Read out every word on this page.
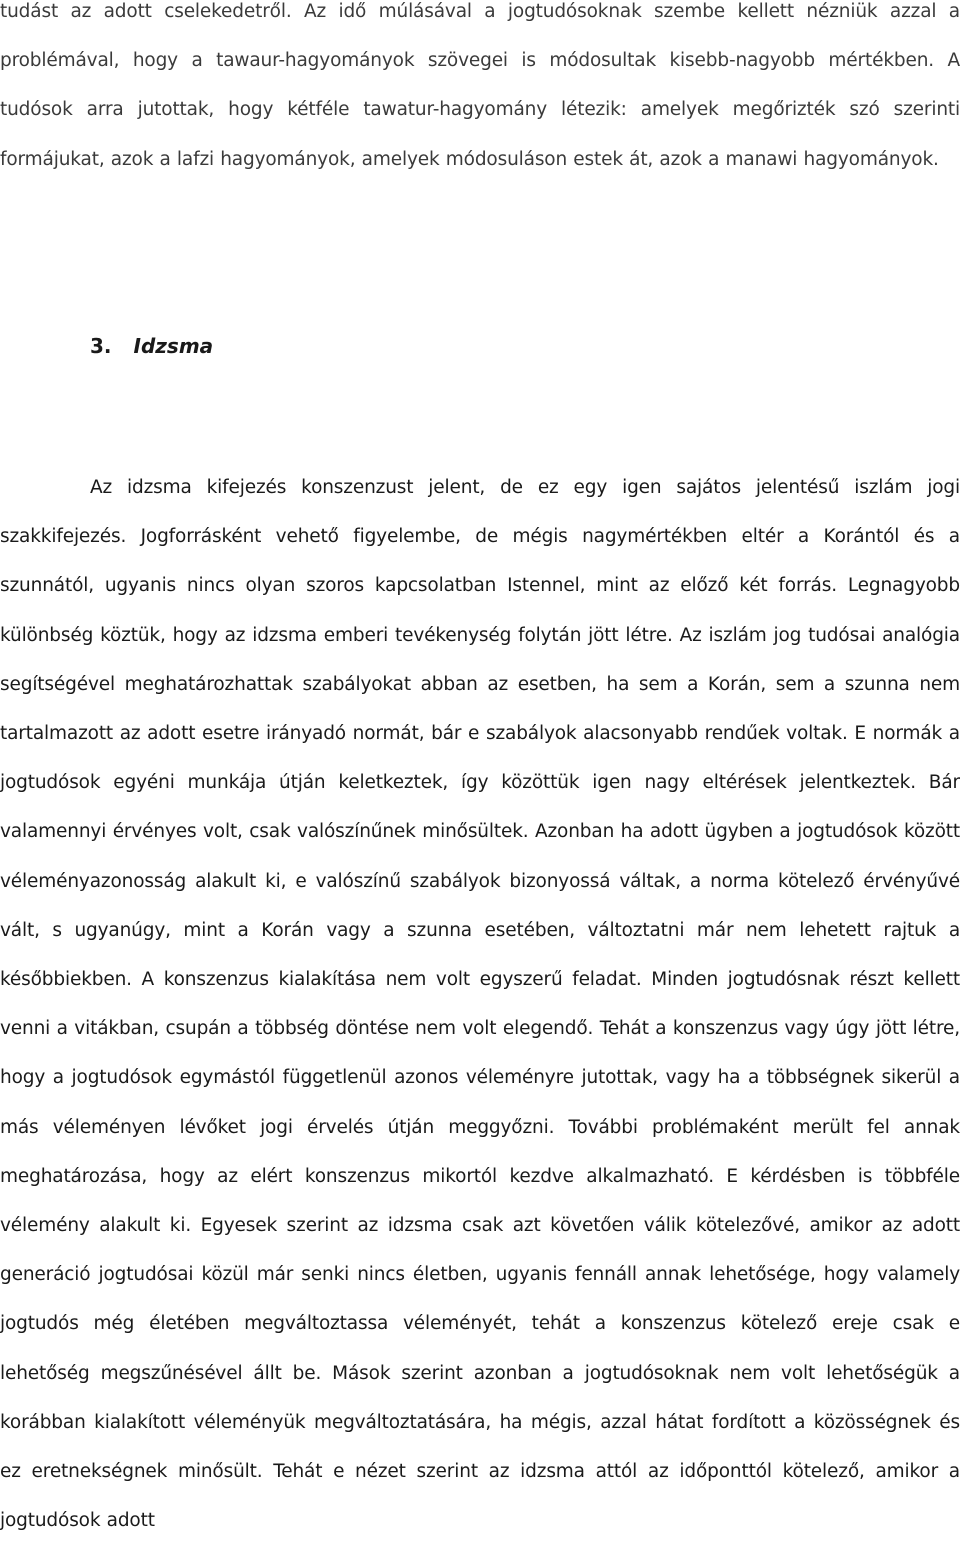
tudást az adott cselekedetről. Az idő múlásával a jogtudósoknak szembe kellett nézniük azzal a problémával, hogy a tawaur-hagyományok szövegei is módosultak kisebb-nagyobb mértékben. A tudósok arra jutottak, hogy kétféle tawatur-hagyomány létezik: amelyek megőrizték szó szerinti formájukat, azok a lafzi hagyományok, amelyek módosuláson estek át, azok a manawi hagyományok.

3. Idzsma

Az idzsma kifejezés konszenzust jelent, de ez egy igen sajátos jelentésű iszlám jogi szakkifejezés. Jogforrásként vehető figyelembe, de mégis nagymértékben eltér a Korántól és a szunnától, ugyanis nincs olyan szoros kapcsolatban Istennel, mint az előző két forrás. Legnagyobb különbség köztük, hogy az idzsma emberi tevékenység folytán jött létre. Az iszlám jog tudósai analógia segítségével meghatározhattak szabályokat abban az esetben, ha sem a Korán, sem a szunna nem tartalmazott az adott esetre irányadó normát, bár e szabályok alacsonyabb rendűek voltak. E normák a jogtudósok egyéni munkája útján keletkeztek, így közöttük igen nagy eltérések jelentkeztek. Bár valamennyi érvényes volt, csak valószínűnek minősültek. Azonban ha adott ügyben a jogtudósok között véleményazonosság alakult ki, e valószínű szabályok bizonyossá váltak, a norma kötelező érvényűvé vált, s ugyanúgy, mint a Korán vagy a szunna esetében, változtatni már nem lehetett rajtuk a későbbiekben. A konszenzus kialakítása nem volt egyszerű feladat. Minden jogtudósnak részt kellett venni a vitákban, csupán a többség döntése nem volt elegendő. Tehát a konszenzus vagy úgy jött létre, hogy a jogtudósok egymástól függetlenül azonos véleményre jutottak, vagy ha a többségnek sikerül a más véleményen lévőket jogi érvelés útján meggyőzni. További problémaként merült fel annak meghatározása, hogy az elért konszenzus mikortól kezdve alkalmazható. E kérdésben is többféle vélemény alakult ki. Egyesek szerint az idzsma csak azt követően válik kötelezővé, amikor az adott generáció jogtudósai közül már senki nincs életben, ugyanis fennáll annak lehetősége, hogy valamely jogtudós még életében megváltoztassa véleményét, tehát a konszenzus kötelező ereje csak e lehetőség megszűnésével állt be. Mások szerint azonban a jogtudósoknak nem volt lehetőségük a korábban kialakított véleményük megváltoztatására, ha mégis, azzal hátat fordított a közösségnek és ez eretnekségnek minősült. Tehát e nézet szerint az idzsma attól az időponttól kötelező, amikor a jogtudósok adott
